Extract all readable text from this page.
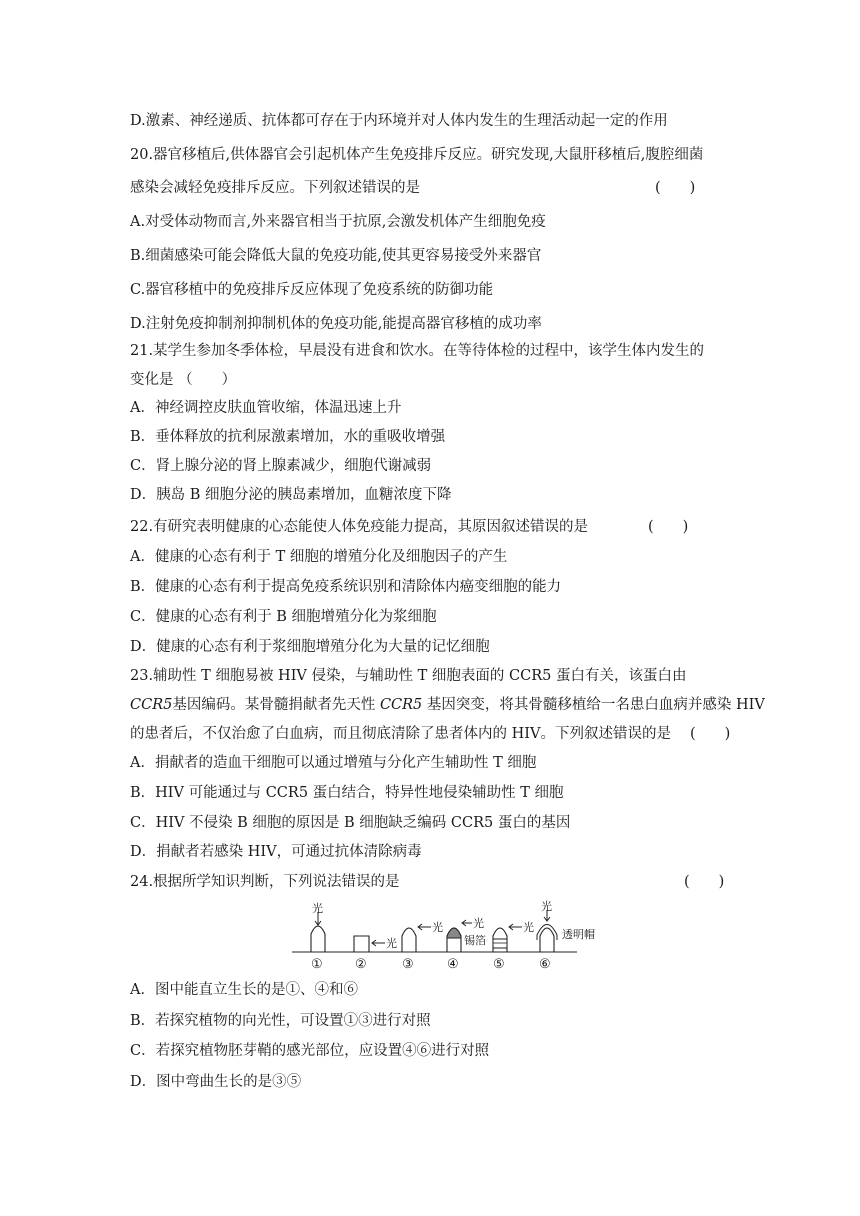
D.激素、神经递质、抗体都可存在于内环境并对人体内发生的生理活动起一定的作用
20.器官移植后,供体器官会引起机体产生免疫排斥反应。研究发现,大鼠肝移植后,腹腔细菌
感染会减轻免疫排斥反应。下列叙述错误的是	(　　)
A.对受体动物而言,外来器官相当于抗原,会激发机体产生细胞免疫
B.细菌感染可能会降低大鼠的免疫功能,使其更容易接受外来器官
C.器官移植中的免疫排斥反应体现了免疫系统的防御功能
D.注射免疫抑制剂抑制机体的免疫功能,能提高器官移植的成功率
21.某学生参加冬季体检，早晨没有进食和饮水。在等待体检的过程中，该学生体内发生的
变化是 （　　）
A．神经调控皮肤血管收缩，体温迅速上升
B．垂体释放的抗利尿激素增加，水的重吸收增强
C．肾上腺分泌的肾上腺素减少，细胞代谢减弱
D．胰岛 B 细胞分泌的胰岛素增加，血糖浓度下降
22.有研究表明健康的心态能使人体免疫能力提高，其原因叙述错误的是	(　　)
A．健康的心态有利于 T 细胞的增殖分化及细胞因子的产生
B．健康的心态有利于提高免疫系统识别和清除体内癌变细胞的能力
C．健康的心态有利于 B 细胞增殖分化为浆细胞
D．健康的心态有利于浆细胞增殖分化为大量的记忆细胞
23.辅助性 T 细胞易被 HIV 侵染，与辅助性 T 细胞表面的 CCR5 蛋白有关，该蛋白由
CCR5基因编码。某骨髓捐献者先天性 CCR5 基因突变，将其骨髓移植给一名患白血病并感染 HIV
的患者后，不仅治愈了白血病，而且彻底清除了患者体内的 HIV。下列叙述错误的是	(　　)
A．捐献者的造血干细胞可以通过增殖与分化产生辅助性 T 细胞
B．HIV 可能通过与 CCR5 蛋白结合，特异性地侵染辅助性 T 细胞
C．HIV 不侵染 B 细胞的原因是 B 细胞缺乏编码 CCR5 蛋白的基因
D．捐献者若感染 HIV，可通过抗体清除病毒
24.根据所学知识判断，下列说法错误的是	(　　)
光
光
光	光
锡箔
光
光
透明帽
① ②	③	④	⑤	⑥
A．图中能直立生长的是①、④和⑥
B．若探究植物的向光性，可设置①③进行对照
C．若探究植物胚芽鞘的感光部位，应设置④⑥进行对照
D．图中弯曲生长的是③⑤
